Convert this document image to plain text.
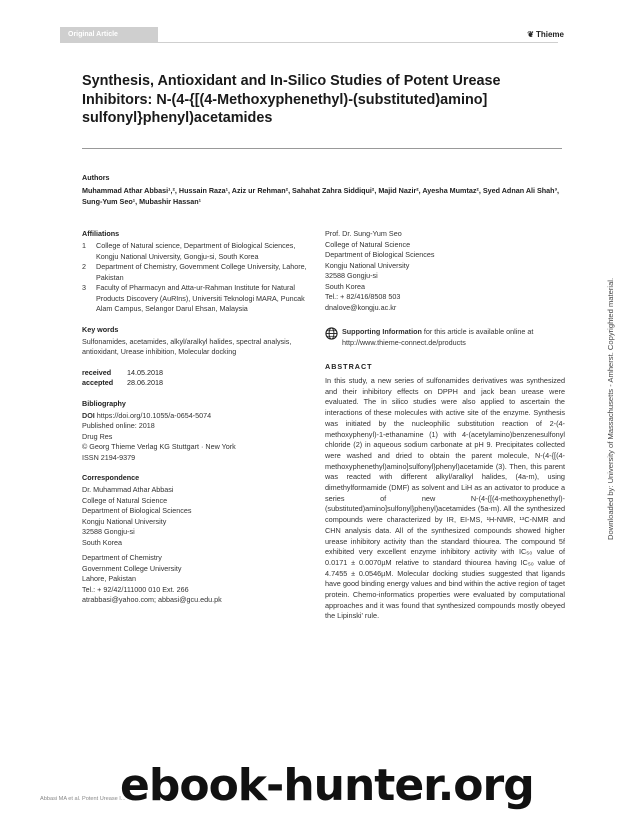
Original Article	❦ Thieme
Synthesis, Antioxidant and In-Silico Studies of Potent Urease Inhibitors: N-(4-{[(4-Methoxyphenethyl)-(substituted)amino] sulfonyl}phenyl)acetamides
Authors
Muhammad Athar Abbasi¹,², Hussain Raza¹, Aziz ur Rehman², Sahahat Zahra Siddiqui², Majid Nazir², Ayesha Mumtaz², Syed Adnan Ali Shah³, Sung-Yum Seo¹, Mubashir Hassan¹
Affiliations
1	College of Natural science, Department of Biological Sciences, Kongju National University, Gongju-si, South Korea
2	Department of Chemistry, Government College University, Lahore, Pakistan
3	Faculty of Pharmacyn and Atta-ur-Rahman Institute for Natural Products Discovery (AuRIns), Universiti Teknologi MARA, Puncak Alam Campus, Selangor Darul Ehsan, Malaysia
Key words
Sulfonamides, acetamides, alkyl/aralkyl halides, spectral analysis, antioxidant, Urease inhibition, Molecular docking
received	14.05.2018
accepted	28.06.2018
Bibliography
DOI https://doi.org/10.1055/a-0654-5074
Published online: 2018
Drug Res
© Georg Thieme Verlag KG Stuttgart · New York
ISSN 2194-9379
Correspondence
Dr. Muhammad Athar Abbasi
College of Natural Science
Department of Biological Sciences
Kongju National University
32588 Gongju-si
South Korea
Department of Chemistry
Government College University
Lahore, Pakistan
Tel.: + 92/42/111000 010 Ext. 266
atrabbasi@yahoo.com; abbasi@gcu.edu.pk
Prof. Dr. Sung-Yum Seo
College of Natural Science
Department of Biological Sciences
Kongju National University
32588 Gongju-si
South Korea
Tel.: + 82/416/8508 503
dnalove@kongju.ac.kr
Supporting Information for this article is available online at http://www.thieme-connect.de/products
ABSTRACT
In this study, a new series of sulfonamides derivatives was synthesized and their inhibitory effects on DPPH and jack bean urease were evaluated. The in silico studies were also applied to ascertain the interactions of these molecules with active site of the enzyme. Synthesis was initiated by the nucleophilic substitution reaction of 2-(4-methoxyphenyl)-1-ethanamine (1) with 4-(acetylamino)benzenesulfonyl chloride (2) in aqueous sodium carbonate at pH 9. Precipitates collected were washed and dried to obtain the parent molecule, N-(4-{[(4-methoxyphenethyl)amino]sulfonyl}phenyl)acetamide (3). Then, this parent was reacted with different alkyl/aralkyl halides, (4a-m), using dimethylformamide (DMF) as solvent and LiH as an activator to produce a series of new N-(4-{[(4-methoxyphenethyl)-(substituted)amino]sulfonyl}phenyl)acetamides (5a-m). All the synthesized compounds were characterized by IR, EI-MS, ¹H-NMR, ¹³C-NMR and CHN analysis data. All of the synthesized compounds showed higher urease inhibitory activity than the standard thiourea. The compound 5f exhibited very excellent enzyme inhibitory activity with IC₅₀ value of 0.0171 ± 0.0070µM relative to standard thiourea having IC₅₀ value of 4.7455 ± 0.0546µM. Molecular docking studies suggested that ligands have good binding energy values and bind within the active region of taget protein. Chemo-informatics properties were evaluated by computational approaches and it was found that synthesized compounds mostly obeyed the Lipinski' rule.
Downloaded by: University of Massachusetts - Amherst. Copyrighted material.
Abbasi MA et al. Potent Urease I...
ebook-hunter.org
